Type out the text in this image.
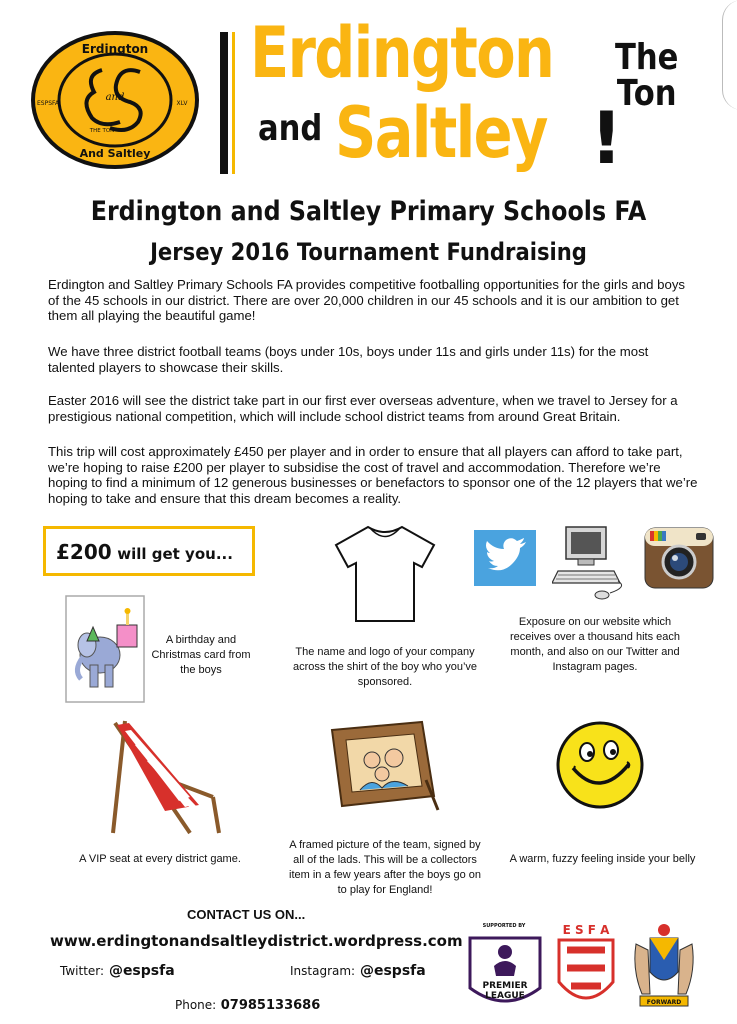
Erdington
And Saltley
ESPSFA	XLV
and
THE TON
Erdington
and Saltley !
The
Ton
Erdington and Saltley Primary Schools FA
Jersey 2016 Tournament Fundraising
Erdington and Saltley Primary Schools FA provides competitive footballing opportunities for the girls and boys of the 45 schools in our district. There are over 20,000 children in our 45 schools and it is our ambition to get them all playing the beautiful game!
We have three district football teams (boys under 10s, boys under 11s and girls under 11s) for the most talented players to showcase their skills.
Easter 2016 will see the district take part in our first ever overseas adventure, when we travel to Jersey for a prestigious national competition, which will include school district teams from around Great Britain.
This trip will cost approximately £450 per player and in order to ensure that all players can afford to take part, we’re hoping to raise £200 per player to subsidise the cost of travel and accommodation. Therefore we’re hoping to find a minimum of 12 generous businesses or benefactors to sponsor one of the 12 players that we’re hoping to take and ensure that this dream becomes a reality.
£200 will get you...
A birthday and Christmas card from the boys
The name and logo of your company across the shirt of the boy who you’ve sponsored.
Exposure on our website which receives over a thousand hits each month, and also on our Twitter and Instagram pages.
A VIP seat at every district game.
A framed picture of the team, signed by all of the lads. This will be a collectors item in a few years after the boys go on to play for England!
A warm, fuzzy feeling inside your belly
CONTACT US ON...
www.erdingtonandsaltleydistrict.wordpress.com
Twitter: @espsfa	Instagram: @espsfa
Phone: 07985133686
SUPPORTED BY
PREMIER
LEAGUE
E S F A
FORWARD
